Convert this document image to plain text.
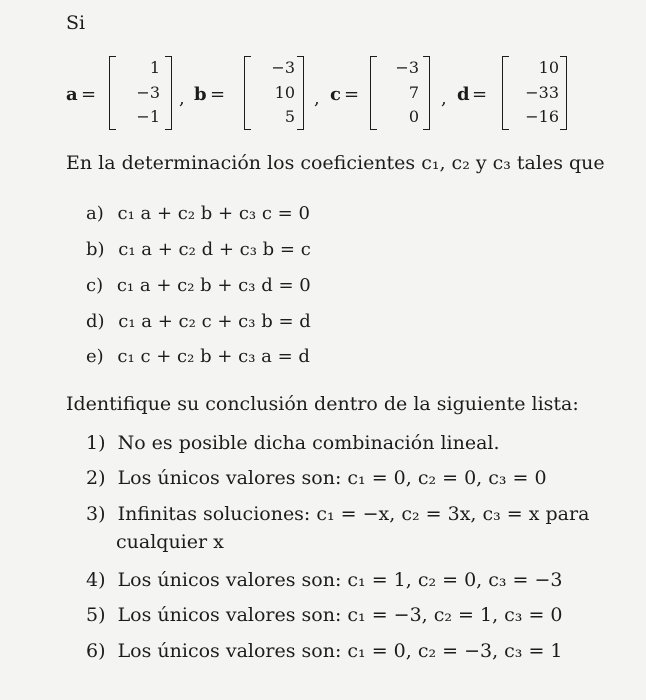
Si
a =
1
−3
−1
, b =
−3
10
5
, c =
−3
7
0
, d =
10
−33
−16
En la determinación los coeficientes c₁, c₂ y c₃ tales que
a) c₁ a + c₂ b + c₃ c = 0
b) c₁ a + c₂ d + c₃ b = c
c) c₁ a + c₂ b + c₃ d = 0
d) c₁ a + c₂ c + c₃ b = d
e) c₁ c + c₂ b + c₃ a = d
Identifique su conclusión dentro de la siguiente lista:
1) No es posible dicha combinación lineal.
2) Los únicos valores son: c₁ = 0, c₂ = 0, c₃ = 0
3) Infinitas soluciones: c₁ = −x, c₂ = 3x, c₃ = x para
cualquier x
4) Los únicos valores son: c₁ = 1, c₂ = 0, c₃ = −3
5) Los únicos valores son: c₁ = −3, c₂ = 1, c₃ = 0
6) Los únicos valores son: c₁ = 0, c₂ = −3, c₃ = 1
